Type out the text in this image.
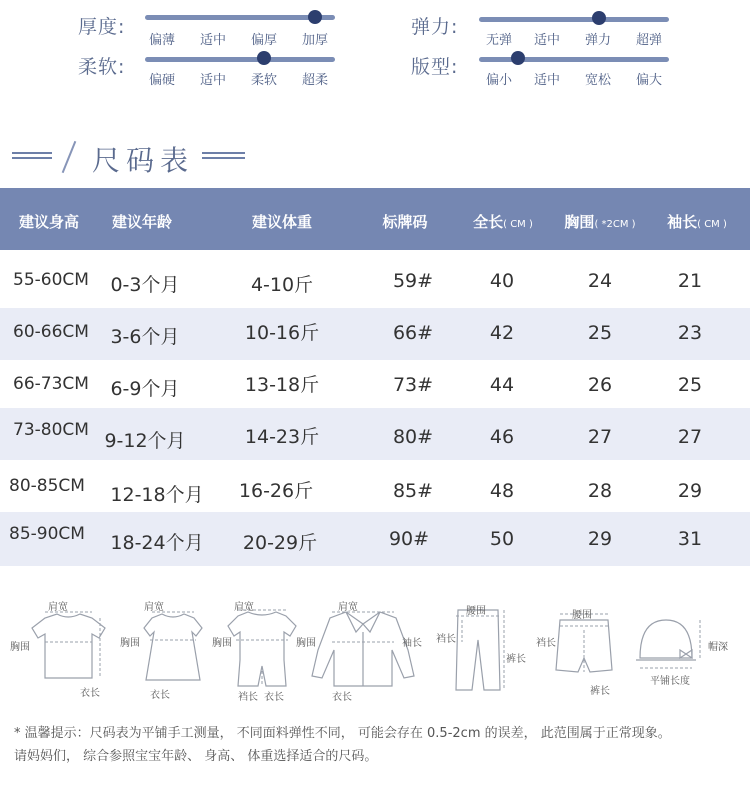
厚度:
偏薄	适中	偏厚	加厚
柔软:
偏硬	适中	柔软	超柔
弹力:
无弹	适中	弹力	超弹
版型:
偏小	适中	宽松	偏大
尺码表
建议身高	建议年龄	建议体重	标牌码	全长( CM )	胸围( *2CM )	袖长( CM )
55-60CM	0-3个月	4-10斤	59#	40	24	21
60-66CM	3-6个月	10-16斤	66#	42	25	23
66-73CM	6-9个月	13-18斤	73#	44	26	25
73-80CM 9-12个月	14-23斤	80#	46	27	27
80-85CM	12-18个月	16-26斤	85#	48	28	29
85-90CM	18-24个月	20-29斤	90#	50	29	31
肩宽
胸围
衣长
肩宽
胸围
衣长
肩宽
胸围
裆长 衣长
肩宽
胸围	袖长
衣长
腰围
裆长
裤长
腰围
裆长
裤长
帽深
平铺长度
* 温馨提示：尺码表为平铺手工测量， 不同面料弹性不同， 可能会存在 0.5-2cm 的误差， 此范围属于正常现象。
请妈妈们， 综合参照宝宝年龄、 身高、 体重选择适合的尺码。
